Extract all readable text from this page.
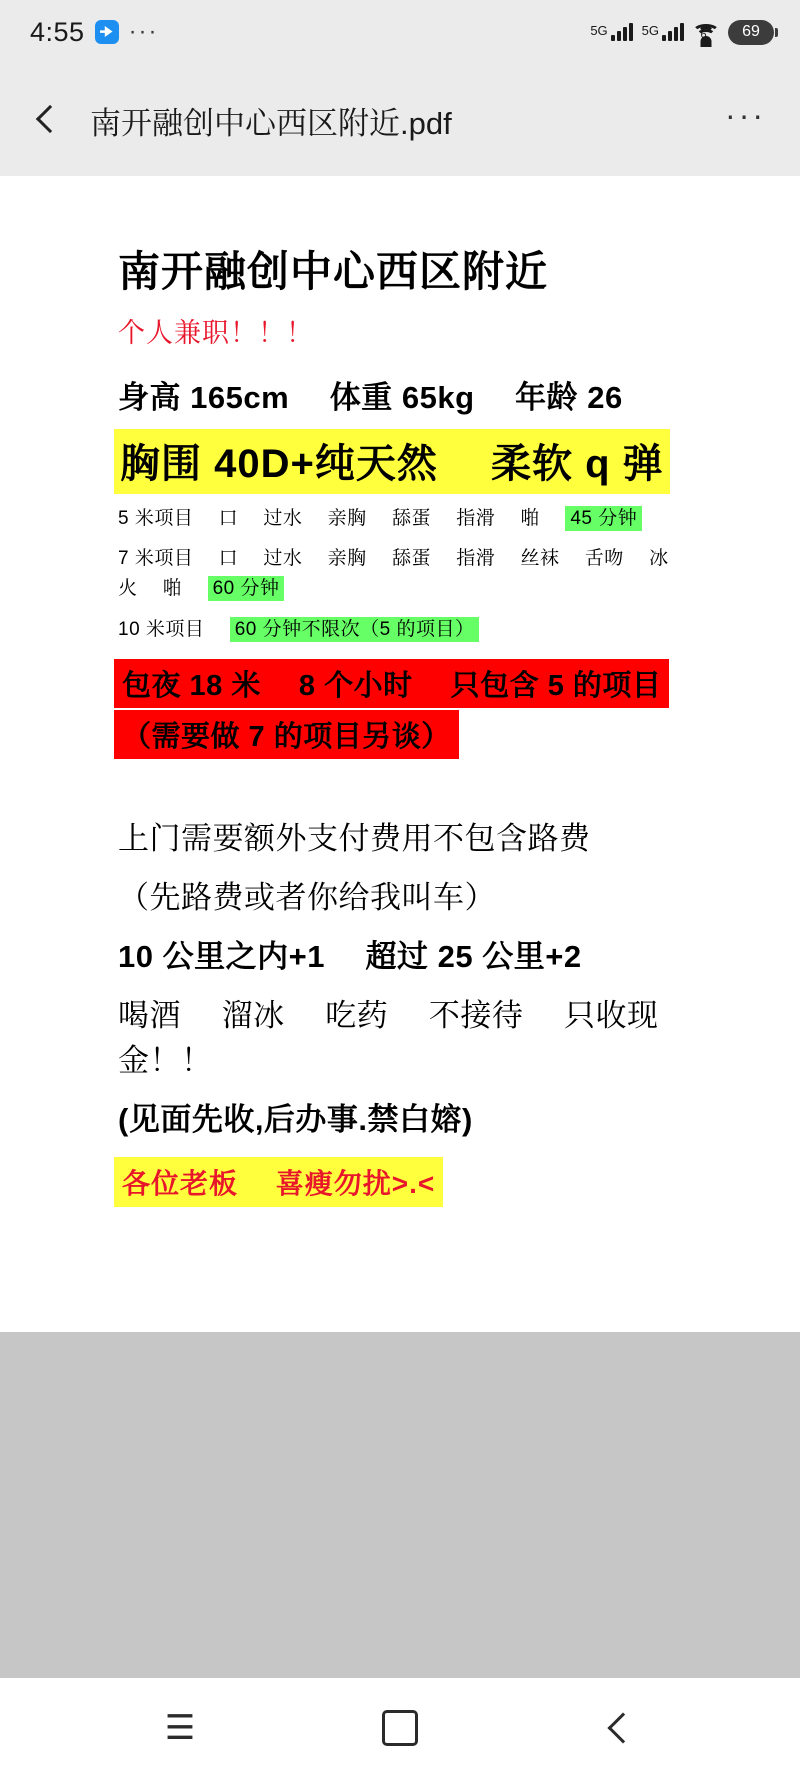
4:55 ···	5G	5G	6	69
南开融创中心西区附近.pdf	···
南开融创中心西区附近

个人兼职！！！

身高 165cm 　体重 65kg 　年龄 26

胸围 40D+纯天然 　柔软 q 弹

5 米项目 　口 　过水 　亲胸 　舔蛋 　指滑 　啪 　45 分钟

7 米项目 　口 　过水 　亲胸 　舔蛋 　指滑 　丝袜 　舌吻 　冰火 　啪 　60 分钟

10 米项目 　60 分钟不限次（5 的项目）

包夜 18 米 　8 个小时 　只包含 5 的项目
（需要做 7 的项目另谈）

上门需要额外支付费用不包含路费

（先路费或者你给我叫车）

10 公里之内+1 　超过 25 公里+2

喝酒 　溜冰 　吃药 　不接待 　只收现金！！

(见面先收,后办事.禁白嫆)

各位老板 　喜瘦勿扰>.<
☰
